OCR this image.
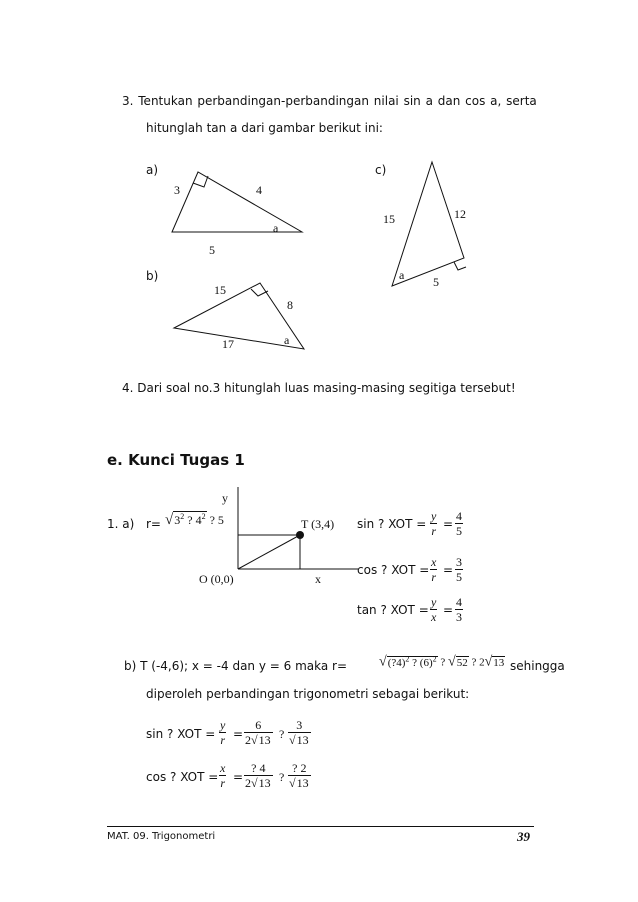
3. Tentukan perbandingan-perbandingan nilai sin a dan cos a, serta
hitunglah tan a dari gambar berikut ini:
a)
3	4
5
a
b)
15
8
17	a
c)
15	12
5
a
4. Dari soal no.3 hitunglah luas masing-masing segitiga tersebut!
e. Kunci Tugas 1
1. a) $r= √3^2$ ? $4^2$ ? 5
y
T (3,4)
O (0,0)	x
sin ? XOT = $\frac{y}{r} = \frac{4}{5}$
cos ? XOT = $\frac{x}{r} = \frac{3}{5}$
tan ? XOT = $\frac{y}{x} = \frac{4}{3}$
b) T (-4,6); x = -4 dan y = 6 maka r= √(?4)$^2$ ? $(6)^2$ ? √52 ? 2√13 sehingga
diperoleh perbandingan trigonometri sebagai berikut:
sin ? XOT = $\frac{y}{r} = \frac{6}{2√13}$ ? $\frac{3}{√13}$
cos ? XOT = $\frac{x}{r} = \frac{? 4}{2√13}$ ? $\frac{? 2}{√13}$
MAT. 09. Trigonometri	39
